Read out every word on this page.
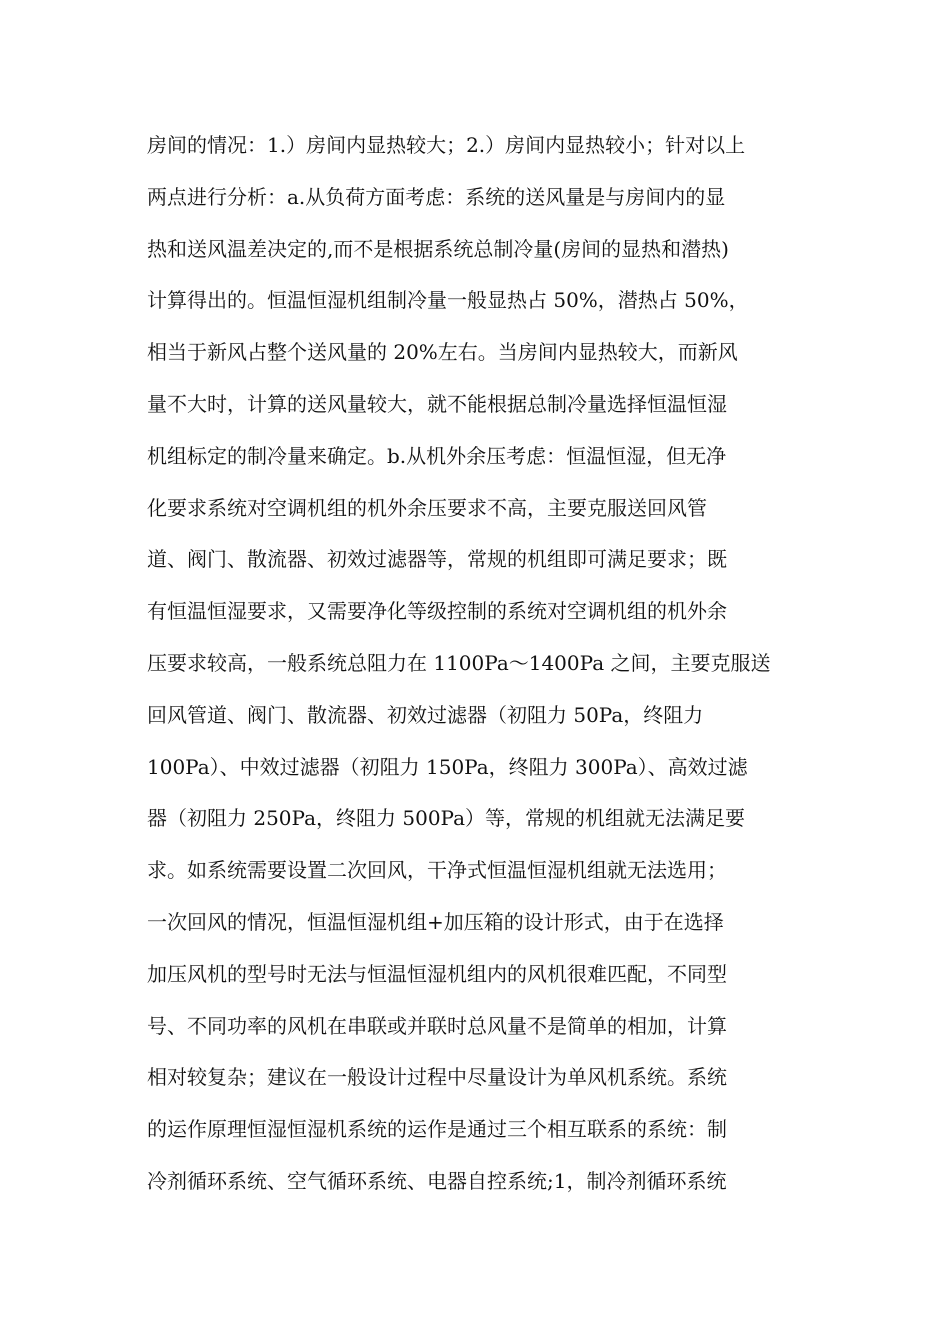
房间的情况：1.）房间内显热较大；2.）房间内显热较小；针对以上
两点进行分析：a.从负荷方面考虑：系统的送风量是与房间内的显
热和送风温差决定的,而不是根据系统总制冷量(房间的显热和潜热)
计算得出的。恒温恒湿机组制冷量一般显热占 50%，潜热占 50%，
相当于新风占整个送风量的 20%左右。当房间内显热较大，而新风
量不大时，计算的送风量较大，就不能根据总制冷量选择恒温恒湿
机组标定的制冷量来确定。b.从机外余压考虑：恒温恒湿，但无净
化要求系统对空调机组的机外余压要求不高，主要克服送回风管
道、阀门、散流器、初效过滤器等，常规的机组即可满足要求；既
有恒温恒湿要求，又需要净化等级控制的系统对空调机组的机外余
压要求较高，一般系统总阻力在 1100Pa～1400Pa 之间，主要克服送
回风管道、阀门、散流器、初效过滤器（初阻力 50Pa，终阻力
100Pa）、中效过滤器（初阻力 150Pa，终阻力 300Pa）、高效过滤
器（初阻力 250Pa，终阻力 500Pa）等，常规的机组就无法满足要
求。如系统需要设置二次回风，干净式恒温恒湿机组就无法选用；
一次回风的情况，恒温恒湿机组+加压箱的设计形式，由于在选择
加压风机的型号时无法与恒温恒湿机组内的风机很难匹配，不同型
号、不同功率的风机在串联或并联时总风量不是简单的相加，计算
相对较复杂；建议在一般设计过程中尽量设计为单风机系统。系统
的运作原理恒湿恒湿机系统的运作是通过三个相互联系的系统：制
冷剂循环系统、空气循环系统、电器自控系统;1，制冷剂循环系统
